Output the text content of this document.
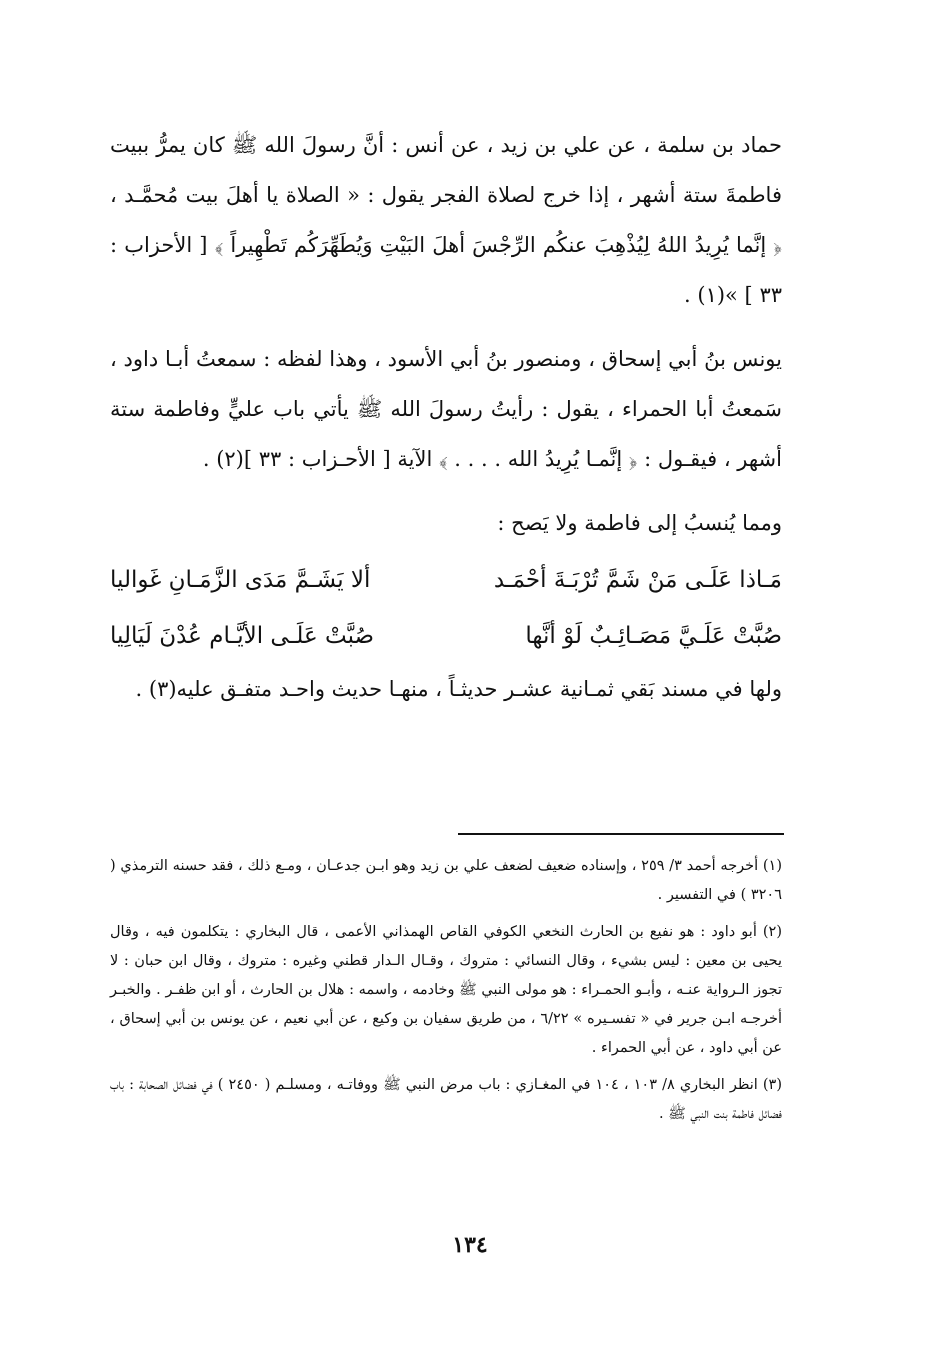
حماد بن سلمة ، عن علي بن زيد ، عن أنس : أنَّ رسولَ الله ﷺ كان يمرُّ ببيت فاطمةَ ستة أشهر ، إذا خرج لصلاة الفجر يقول : « الصلاة يا أهلَ بيت مُحمَّـد ، ﴿ إنَّما يُرِيدُ اللهُ لِيُذْهِبَ عنكُم الرِّجْسَ أهلَ البَيْتِ وَيُطَهِّرَكُم تَطْهِيراً ﴾ [ الأحزاب : ٣٣ ] »(١) .

يونس بنُ أبي إسحاق ، ومنصور بنُ أبي الأسود ، وهذا لفظه : سمعتُ أبـا داود ، سَمعتُ أبا الحمراء ، يقول : رأيتُ رسولَ الله ﷺ يأتي باب عليٍّ وفاطمة ستة أشهر ، فيقـول : ﴿ إنَّمـا يُرِيدُ الله . . . . ﴾ الآية [ الأحـزاب : ٣٣ ](٢) .

ومما يُنسبُ إلى فاطمة ولا يَصح :

مَـاذا عَلَـى مَنْ شَمَّ تُرْبَـةَ أحْمَـد
ألا يَشَـمَّ مَدَى الزَّمَـانِ غَواليا
صُبَّتْ عَلَـيَّ مَصَـائِـبٌ لَوْ أنَّها
صُبَّتْ عَلَـى الأيَّـام عُدْنَ لَيَالِيا

ولها في مسند بَقي ثمـانية عشـر حديثـاً ، منهـا حديث واحـد متفـق عليه(٣) .

(١) أخرجه أحمد ٣/ ٢٥٩ ، وإسناده ضعيف لضعف علي بن زيد وهو ابـن جدعـان ، ومـع ذلك ، فقد حسنه الترمذي ( ٣٢٠٦ ) في التفسير .

(٢) أبو داود : هو نفيع بن الحارث النخعي الكوفي القاص الهمذاني الأعمى ، قال البخاري : يتكلمون فيه ، وقال يحيى بن معين : ليس بشيء ، وقال النسائي : متروك ، وقـال الـدار قطني وغيره : متروك ، وقال ابن حبان : لا تجوز الـرواية عنـه ، وأبـو الحمـراء : هو مولى النبي ﷺ وخادمه ، واسمه : هلال بن الحارث ، أو ابن ظفـر . والخبـر أخرجـه ابـن جرير في « تفسـيره » ٦/٢٢ ، من طريق سفيان بن وكيع ، عن أبي نعيم ، عن يونس بن أبي إسحاق ، عن أبي داود ، عن أبي الحمراء .

(٣) انظر البخاري ٨/ ١٠٣ ، ١٠٤ في المغـازي : باب مرض النبي ﷺ ووفاتـه ، ومسلـم ( ٢٤٥٠ ) في فضائل الصحابة : باب فضائل فاطمة بنت النبي ﷺ .

١٣٤
